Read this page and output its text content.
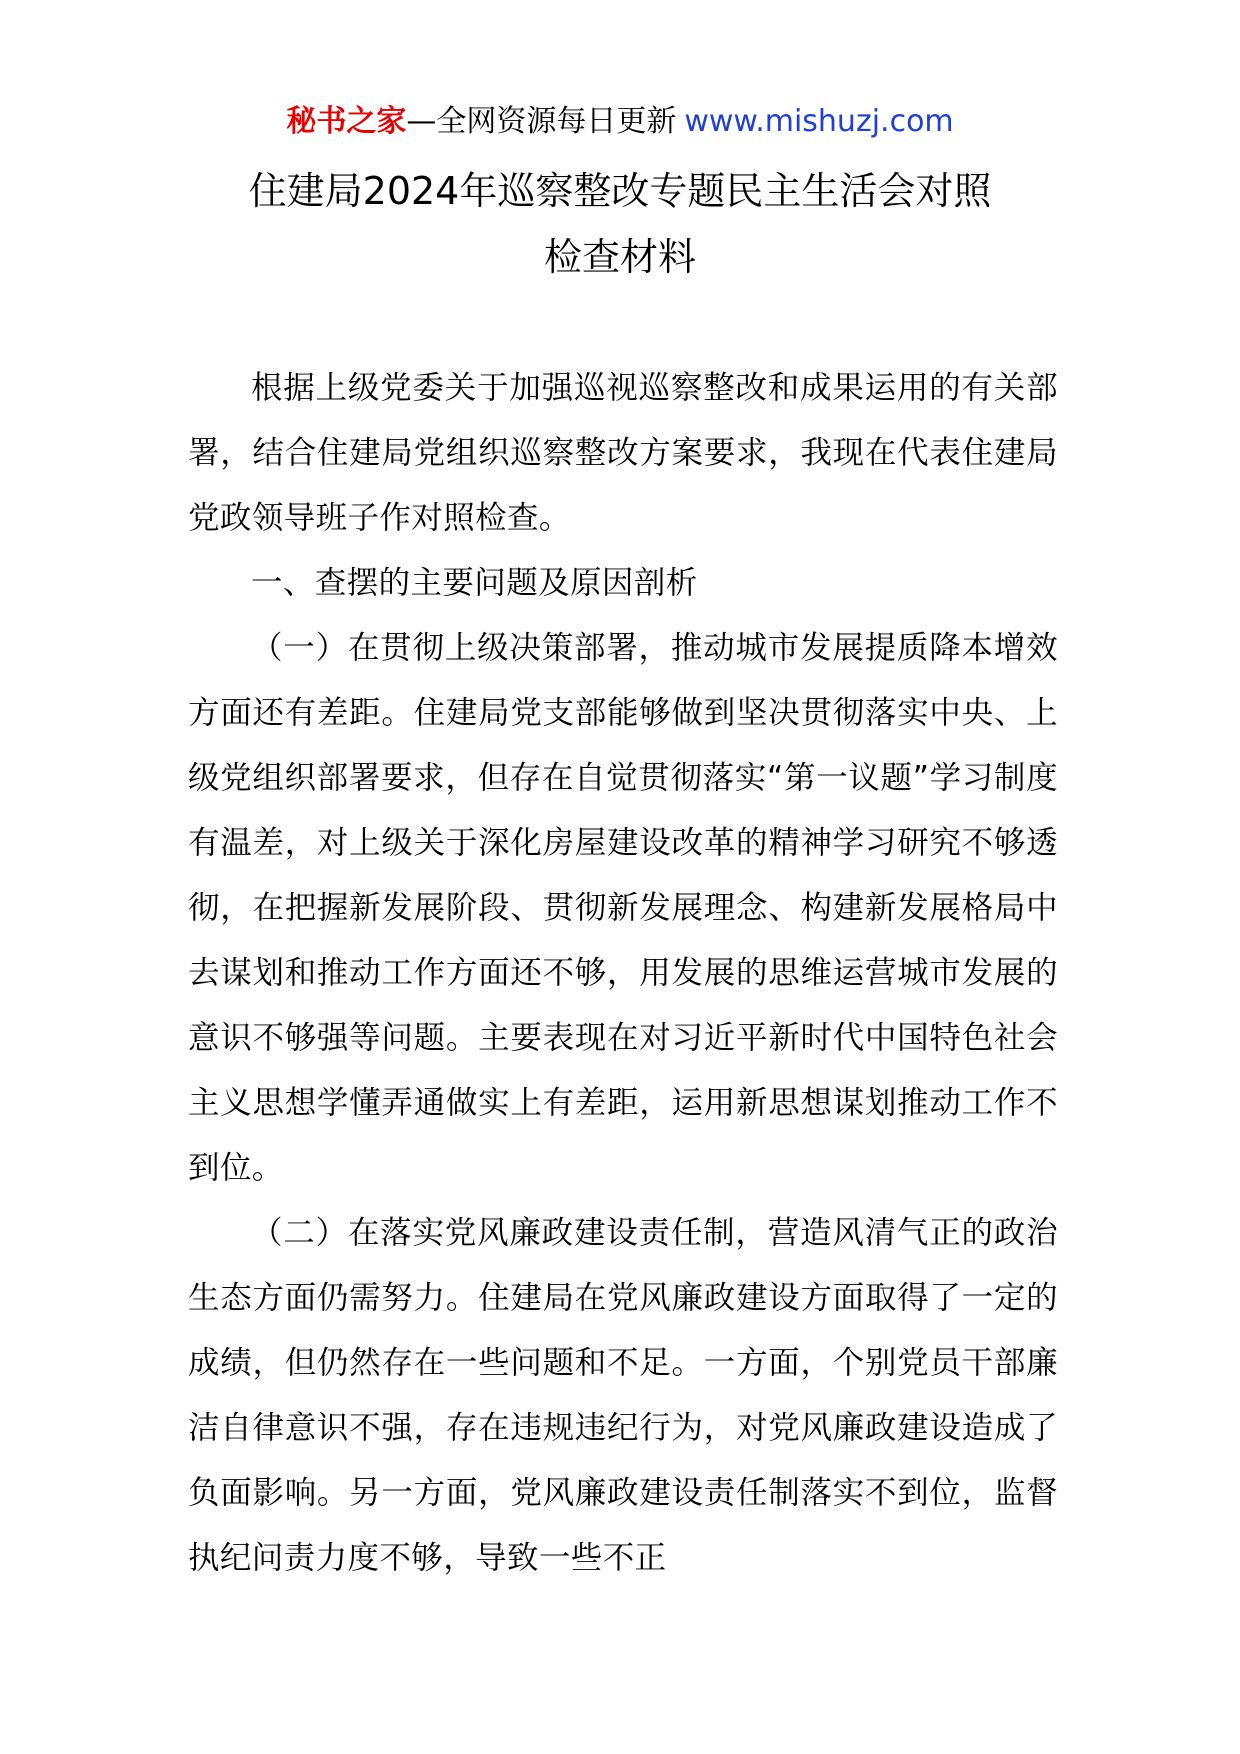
秘书之家—全网资源每日更新 www.mishuzj.com
住建局2024年巡察整改专题民主生活会对照
检查材料

根据上级党委关于加强巡视巡察整改和成果运用的有关部署，结合住建局党组织巡察整改方案要求，我现在代表住建局党政领导班子作对照检查。

一、查摆的主要问题及原因剖析

（一）在贯彻上级决策部署，推动城市发展提质降本增效方面还有差距。住建局党支部能够做到坚决贯彻落实中央、上级党组织部署要求，但存在自觉贯彻落实“第一议题”学习制度有温差，对上级关于深化房屋建设改革的精神学习研究不够透彻，在把握新发展阶段、贯彻新发展理念、构建新发展格局中去谋划和推动工作方面还不够，用发展的思维运营城市发展的意识不够强等问题。主要表现在对习近平新时代中国特色社会主义思想学懂弄通做实上有差距，运用新思想谋划推动工作不到位。

（二）在落实党风廉政建设责任制，营造风清气正的政治生态方面仍需努力。住建局在党风廉政建设方面取得了一定的成绩，但仍然存在一些问题和不足。一方面，个别党员干部廉洁自律意识不强，存在违规违纪行为，对党风廉政建设造成了负面影响。另一方面，党风廉政建设责任制落实不到位，监督执纪问责力度不够，导致一些不正
